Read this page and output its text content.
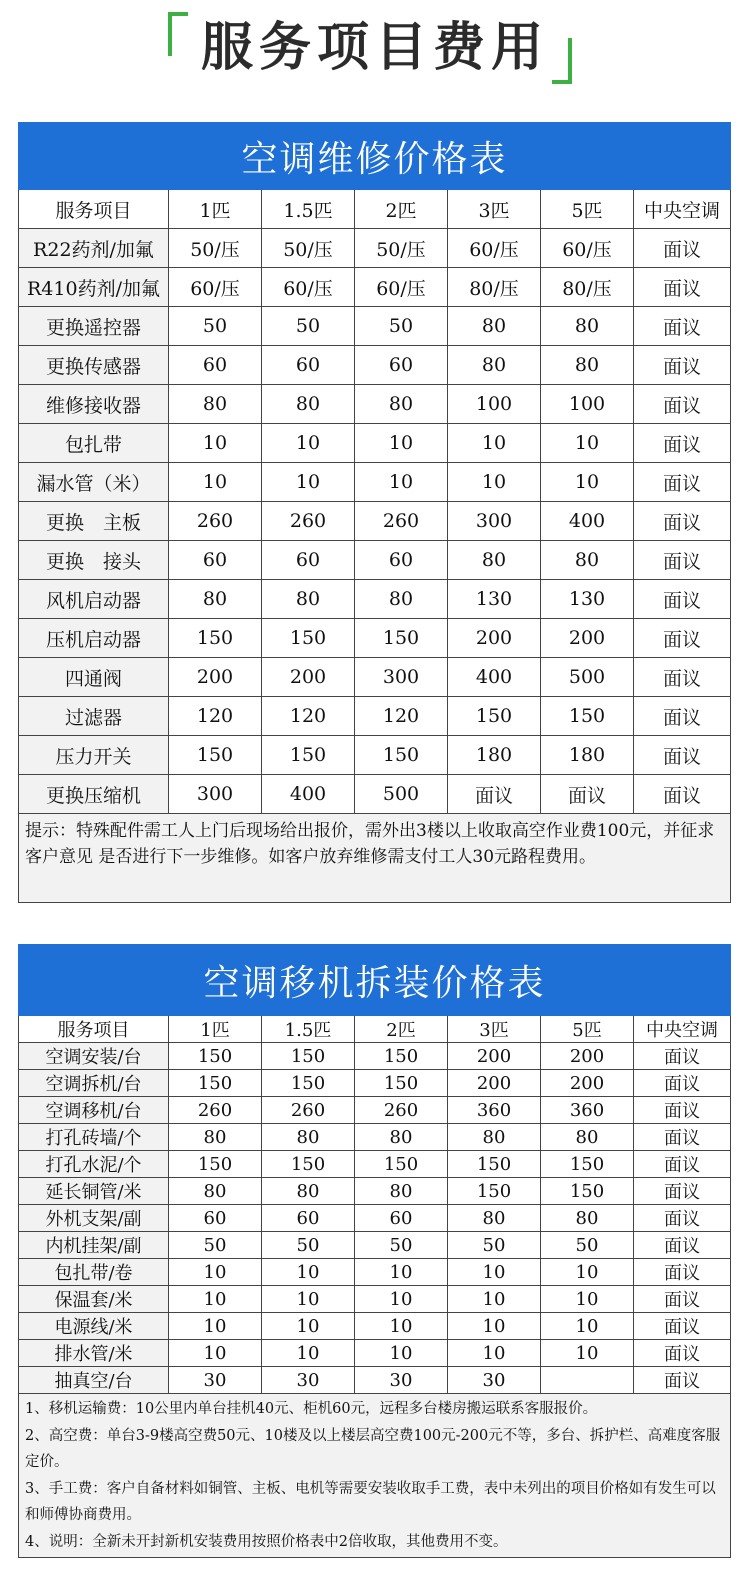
服务项目费用
空调维修价格表						
服务项目	1匹	1.5匹	2匹	3匹	5匹	中央空调
R22药剂/加氟	50/压	50/压	50/压	60/压	60/压	面议
R410药剂/加氟	60/压	60/压	60/压	80/压	80/压	面议
更换遥控器	50	50	50	80	80	面议
更换传感器	60	60	60	80	80	面议
维修接收器	80	80	80	100	100	面议
包扎带	10	10	10	10	10	面议
漏水管（米）	10	10	10	10	10	面议
更换　主板	260	260	260	300	400	面议
更换　接头	60	60	60	80	80	面议
风机启动器	80	80	80	130	130	面议
压机启动器	150	150	150	200	200	面议
四通阀	200	200	300	400	500	面议
过滤器	120	120	120	150	150	面议
压力开关	150	150	150	180	180	面议
更换压缩机	300	400	500	面议	面议	面议

提示：特殊配件需工人上门后现场给出报价，需外出3楼以上收取高空作业费100元，并征求客户意见 是否进行下一步维修。如客户放弃维修需支付工人30元路程费用。						
空调移机拆装价格表						
服务项目	1匹	1.5匹	2匹	3匹	5匹	中央空调
空调安装/台	150	150	150	200	200	面议
空调拆机/台	150	150	150	200	200	面议
空调移机/台	260	260	260	360	360	面议
打孔砖墙/个	80	80	80	80	80	面议
打孔水泥/个	150	150	150	150	150	面议
延长铜管/米	80	80	80	150	150	面议
外机支架/副	60	60	60	80	80	面议
内机挂架/副	50	50	50	50	50	面议
包扎带/卷	10	10	10	10	10	面议
保温套/米	10	10	10	10	10	面议
电源线/米	10	10	10	10	10	面议
排水管/米	10	10	10	10	10	面议
抽真空/台	30	30	30	30		面议

1、移机运输费：10公里内单台挂机40元、柜机60元，远程多台楼房搬运联系客服报价。
2、高空费：单台3-9楼高空费50元、10楼及以上楼层高空费100元-200元不等，多台、拆护栏、高难度客服定价。
3、手工费：客户自备材料如铜管、主板、电机等需要安装收取手工费，表中未列出的项目价格如有发生可以和师傅协商费用。
4、说明：全新未开封新机安装费用按照价格表中2倍收取，其他费用不变。						
